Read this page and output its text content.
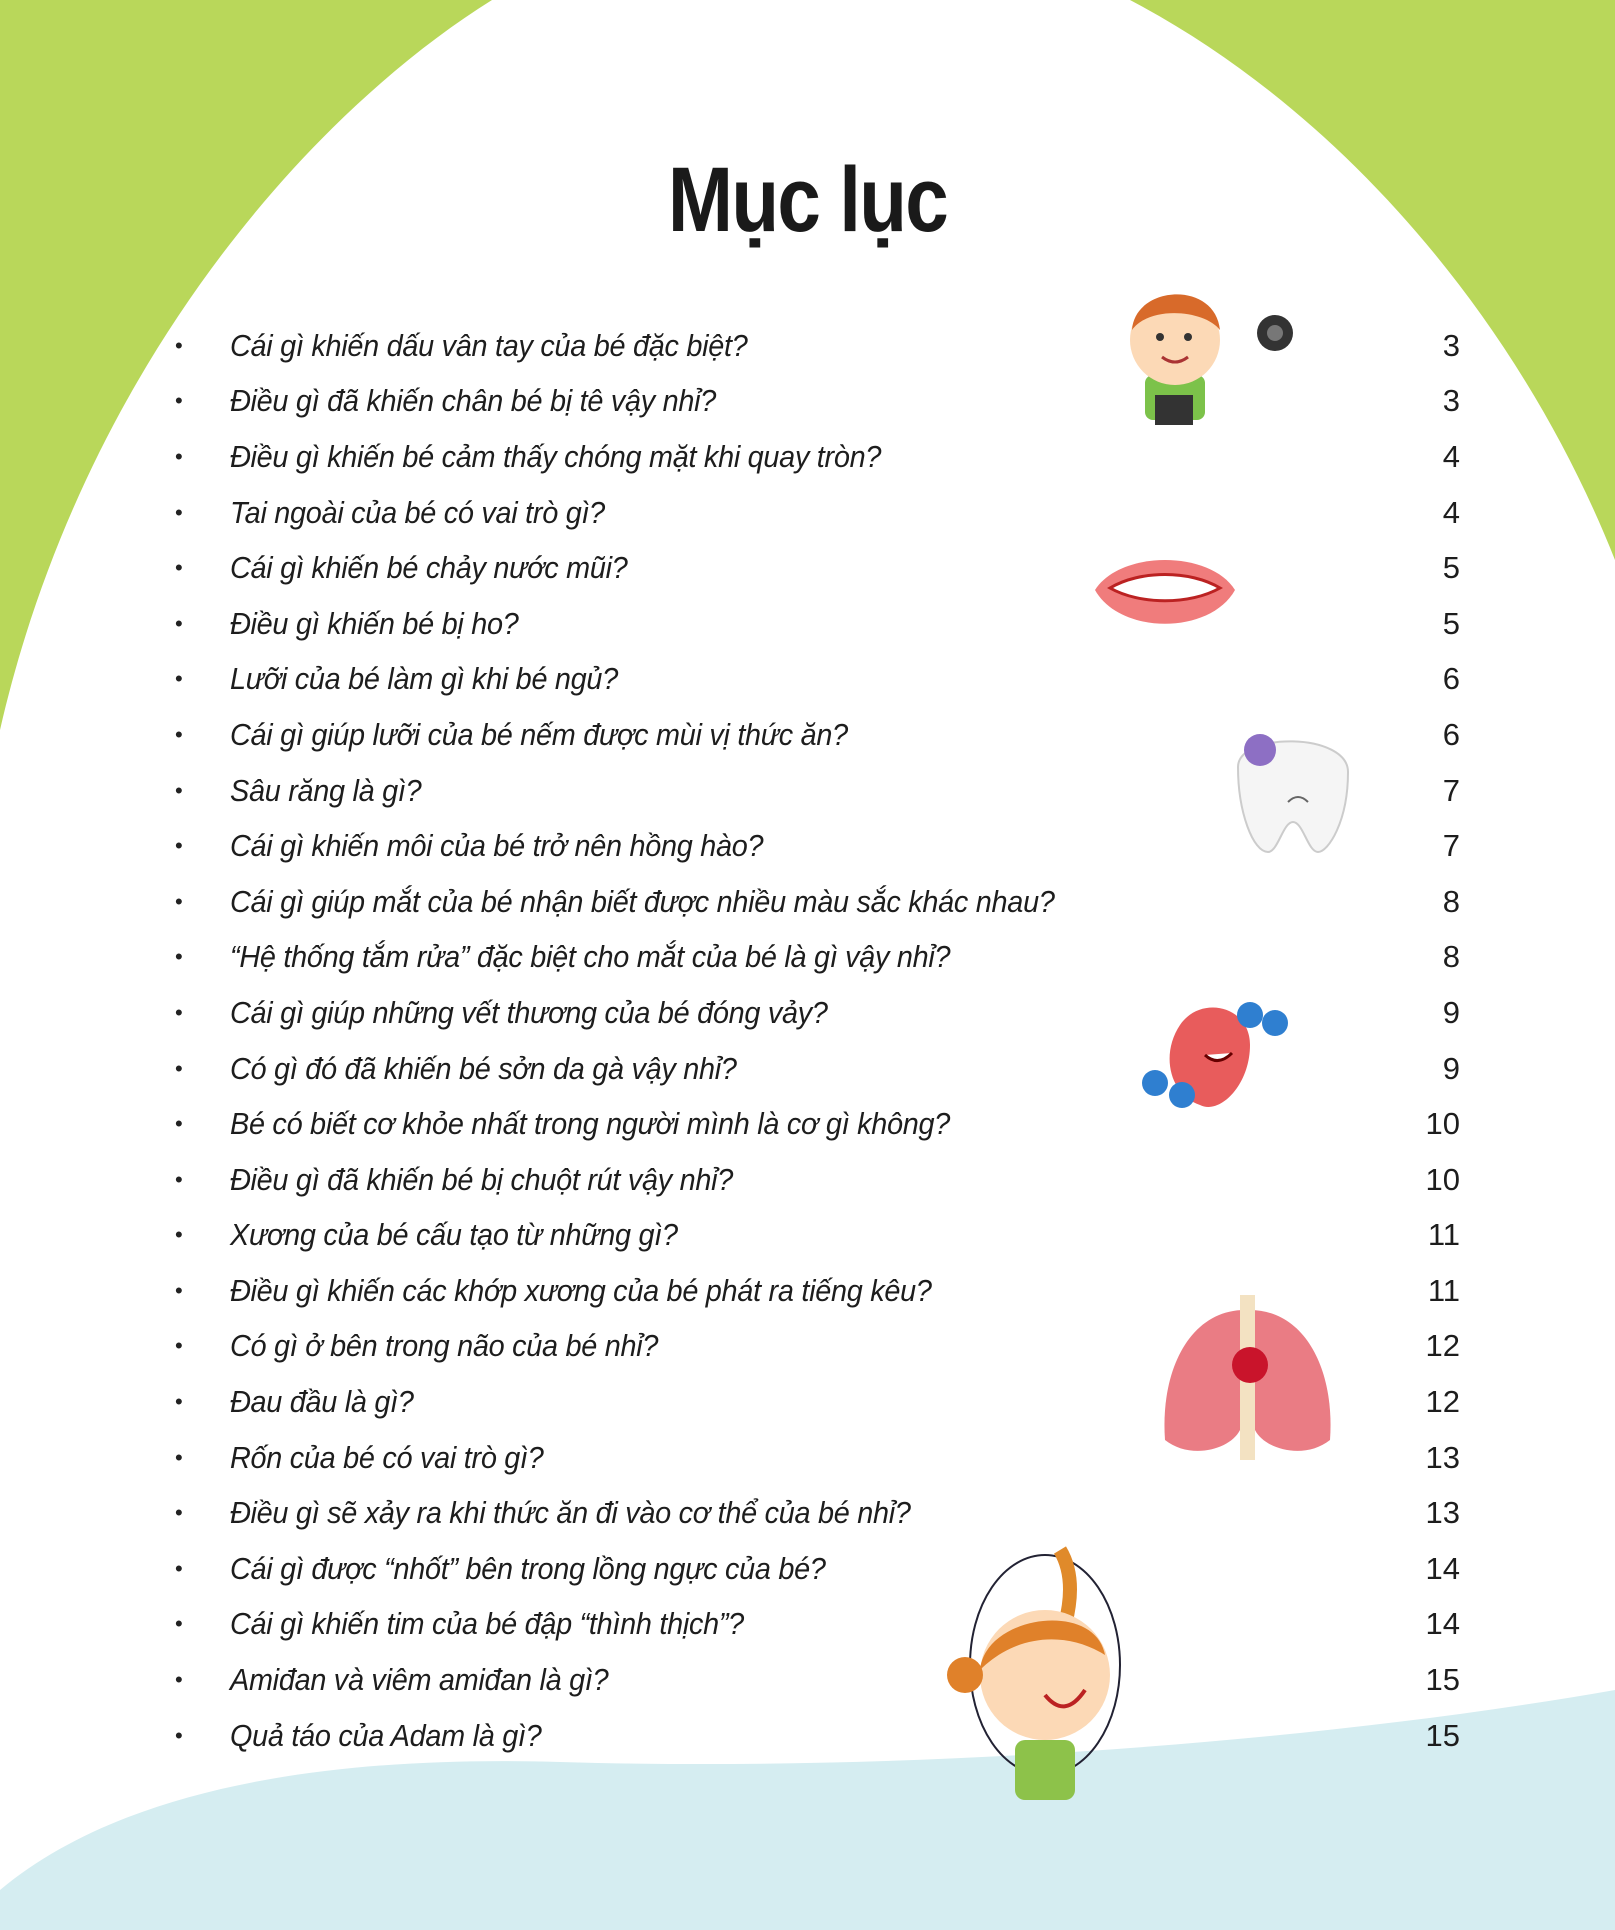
Mục lục
•	Cái gì khiến dấu vân tay của bé đặc biệt?	3
•	Điều gì đã khiến chân bé bị tê vậy nhỉ?	3
•	Điều gì khiến bé cảm thấy chóng mặt khi quay tròn?	4
•	Tai ngoài của bé có vai trò gì?	4
•	Cái gì khiến bé chảy nước mũi?	5
•	Điều gì khiến bé bị ho?	5
•	Lưỡi của bé làm gì khi bé ngủ?	6
•	Cái gì giúp lưỡi của bé nếm được mùi vị thức ăn?	6
•	Sâu răng là gì?	7
•	Cái gì khiến môi của bé trở nên hồng hào?	7
•	Cái gì giúp mắt của bé nhận biết được nhiều màu sắc khác nhau?	8
•	“Hệ thống tắm rửa” đặc biệt cho mắt của bé là gì vậy nhỉ?	8
•	Cái gì giúp những vết thương của bé đóng vảy?	9
•	Có gì đó đã khiến bé sởn da gà vậy nhỉ?	9
•	Bé có biết cơ khỏe nhất trong người mình là cơ gì không?	10
•	Điều gì đã khiến bé bị chuột rút vậy nhỉ?	10
•	Xương của bé cấu tạo từ những gì?	11
•	Điều gì khiến các khớp xương của bé phát ra tiếng kêu?	11
•	Có gì ở bên trong não của bé nhỉ?	12
•	Đau đầu là gì?	12
•	Rốn của bé có vai trò gì?	13
•	Điều gì sẽ xảy ra khi thức ăn đi vào cơ thể của bé nhỉ?	13
•	Cái gì được “nhốt” bên trong lồng ngực của bé?	14
•	Cái gì khiến tim của bé đập “thình thịch”?	14
•	Amiđan và viêm amiđan là gì?	15
•	Quả táo của Adam là gì?	15
